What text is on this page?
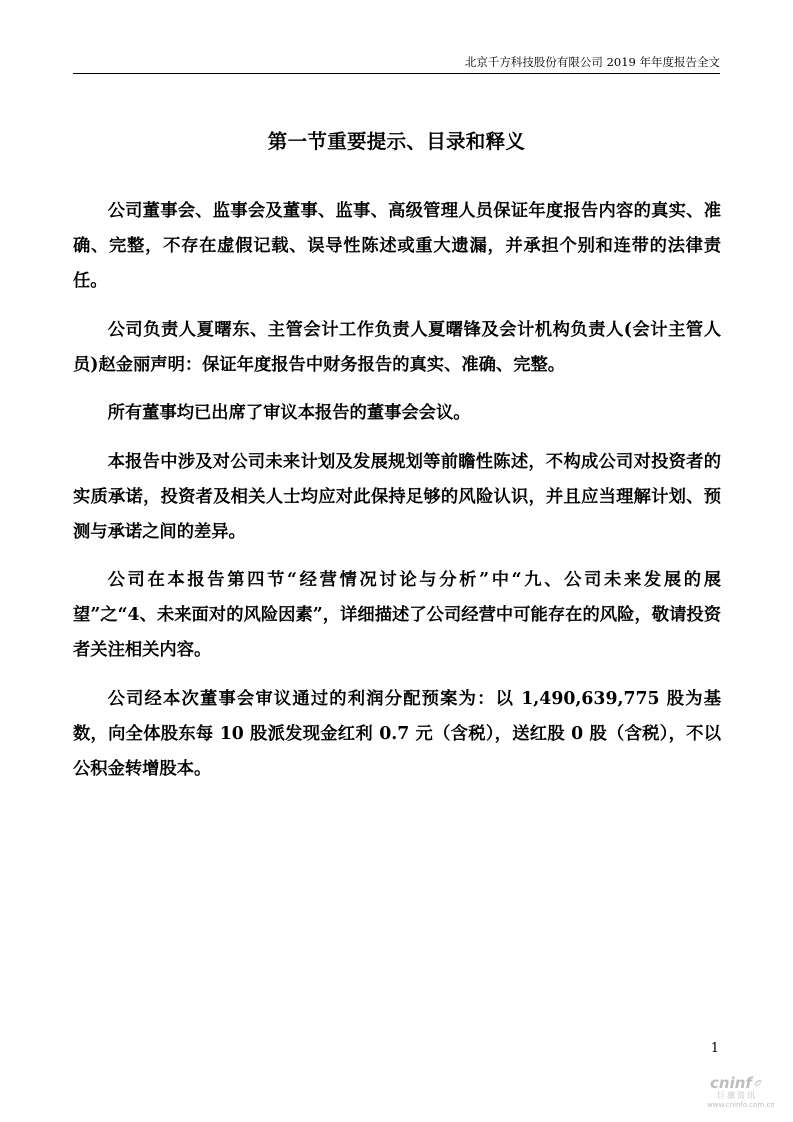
北京千方科技股份有限公司 2019 年年度报告全文
第一节重要提示、目录和释义

公司董事会、监事会及董事、监事、高级管理人员保证年度报告内容的真实、准确、完整，不存在虚假记载、误导性陈述或重大遗漏，并承担个别和连带的法律责任。

公司负责人夏曙东、主管会计工作负责人夏曙锋及会计机构负责人(会计主管人员)赵金丽声明：保证年度报告中财务报告的真实、准确、完整。

所有董事均已出席了审议本报告的董事会会议。

本报告中涉及对公司未来计划及发展规划等前瞻性陈述，不构成公司对投资者的实质承诺，投资者及相关人士均应对此保持足够的风险认识，并且应当理解计划、预测与承诺之间的差异。

公司在本报告第四节“经营情况讨论与分析”中“九、公司未来发展的展望”之“4、未来面对的风险因素”，详细描述了公司经营中可能存在的风险，敬请投资者关注相关内容。

公司经本次董事会审议通过的利润分配预案为：以 1,490,639,775 股为基数，向全体股东每 10 股派发现金红利 0.7 元（含税），送红股 0 股（含税），不以公积金转增股本。

1
cninf
巨潮资讯
www.cninfo.com.cn
